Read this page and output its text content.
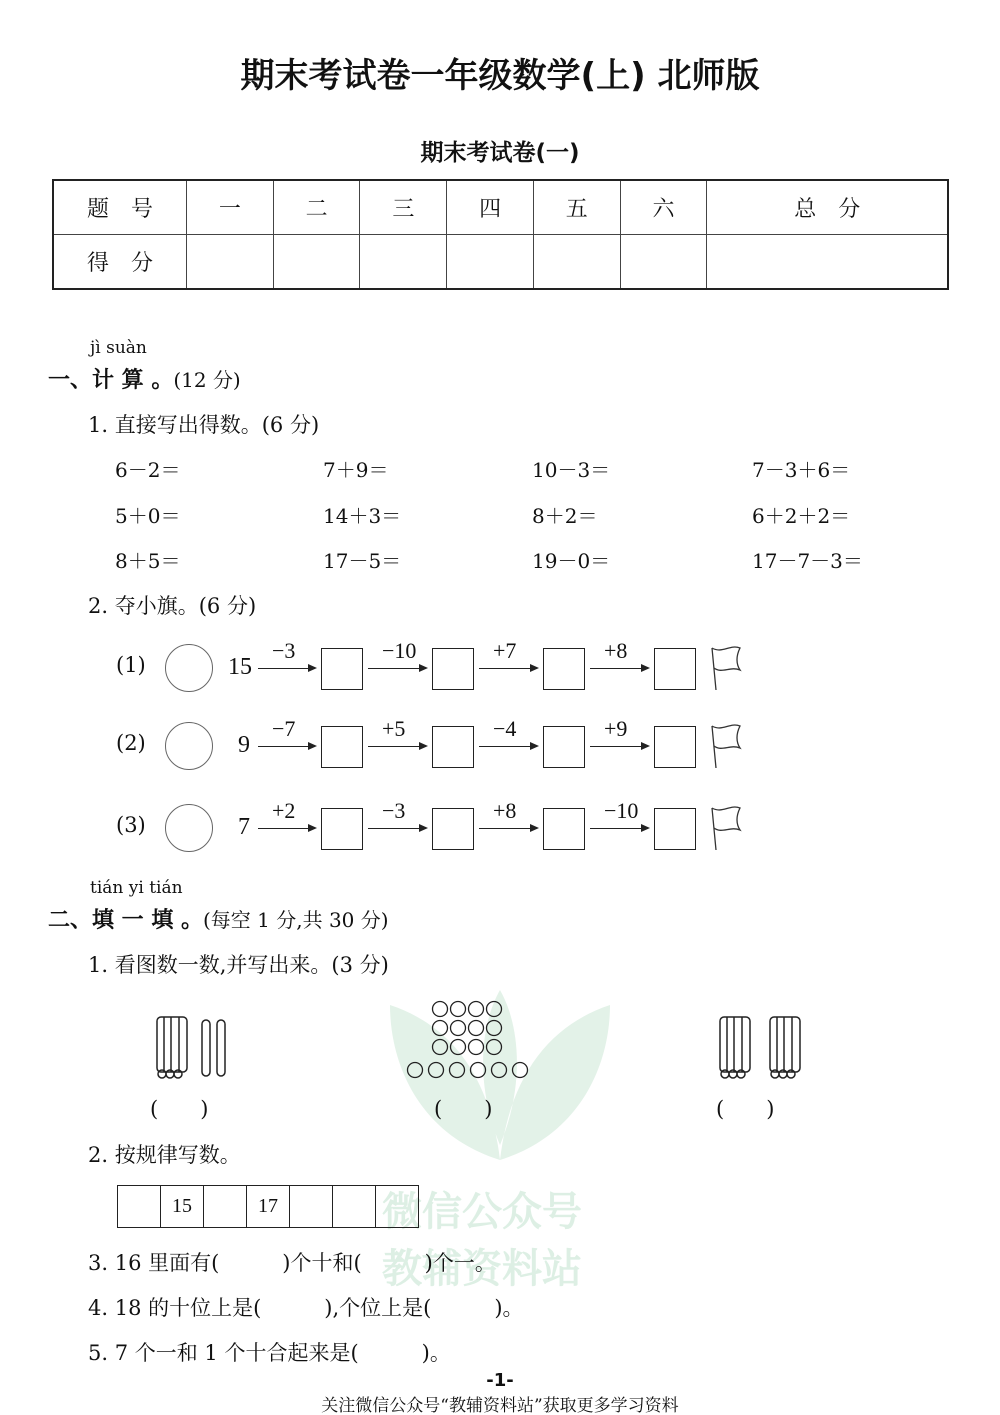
微信公众号
教辅资料站
期末考试卷一年级数学(上) 北师版
期末考试卷(一)
题　号	一	二	三	四	五	六	总　分
得　分							
jì suàn
一、计 算 。(12 分)
1. 直接写出得数。(6 分)
6－2＝	7＋9＝	10－3＝	7－3＋6＝
5＋0＝	14＋3＝	8＋2＝	6＋2＋2＝
8＋5＝	17－5＝	19－0＝	17－7－3＝
2. 夺小旗。(6 分)
(1)	15
−3	−10	+7	+8
(2)	9
−7	+5	−4	+9
(3)	7
+2	−3	+8	−10
tián yi tián
二、填 一 填 。(每空 1 分,共 30 分)
1. 看图数一数,并写出来。(3 分)
(　　)	(　　)	(　　)
2. 按规律写数。
15	17
3. 16 里面有(　　　)个十和(　　　)个一。
4. 18 的十位上是(　　　),个位上是(　　　)。
5. 7 个一和 1 个十合起来是(　　　)。
-1-
关注微信公众号“教辅资料站”获取更多学习资料
